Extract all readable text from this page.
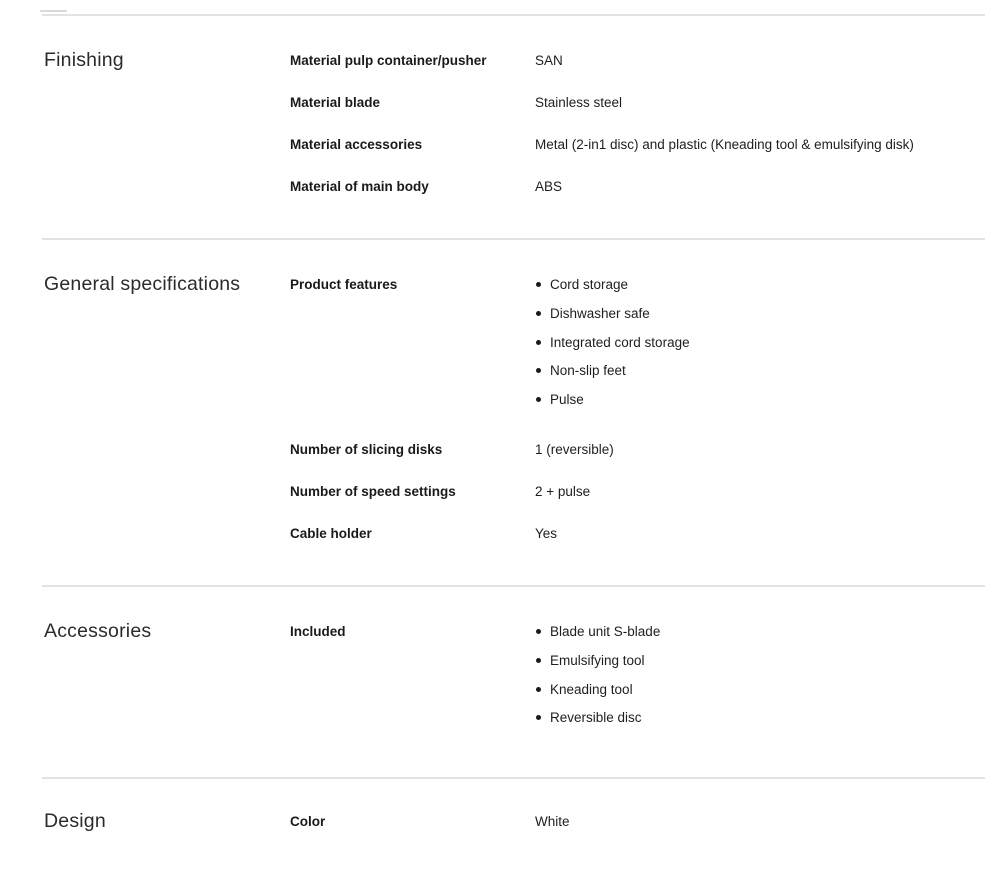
Finishing	Material pulp container/pusher	SAN
Material blade	Stainless steel
Material accessories	Metal (2-in1 disc) and plastic (Kneading tool & emulsifying disk)
Material of main body	ABS
General specifications	Product features	Cord storage
Dishwasher safe
Integrated cord storage
Non-slip feet
Pulse
Number of slicing disks	1 (reversible)
Number of speed settings	2 + pulse
Cable holder	Yes
Accessories	Included	Blade unit S-blade
Emulsifying tool
Kneading tool
Reversible disc
Design	Color	White
